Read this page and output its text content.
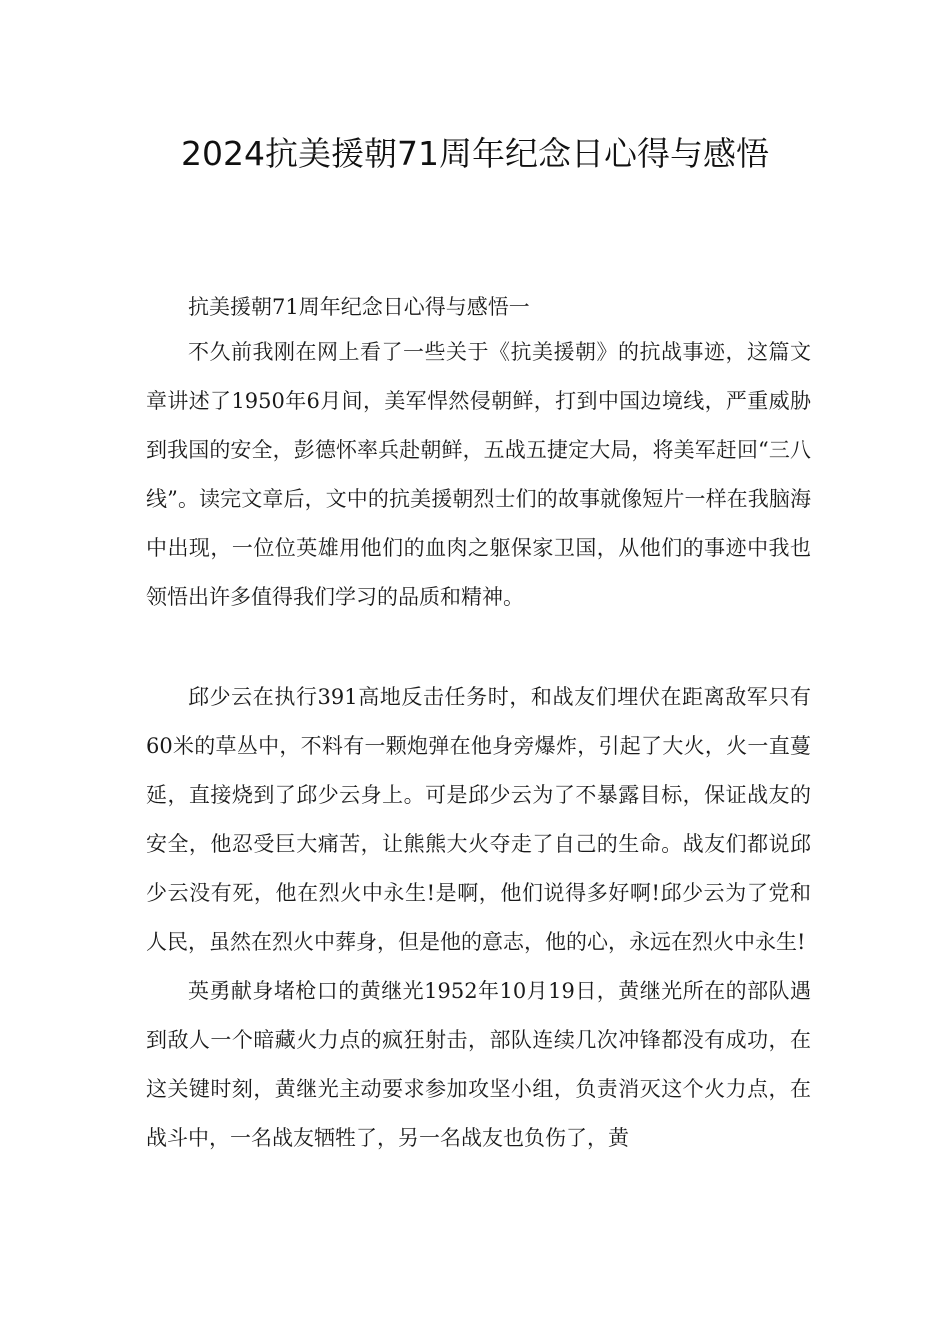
2024抗美援朝71周年纪念日心得与感悟

抗美援朝71周年纪念日心得与感悟一

不久前我刚在网上看了一些关于《抗美援朝》的抗战事迹，这篇文章讲述了1950年6月间，美军悍然侵朝鲜，打到中国边境线，严重威胁到我国的安全，彭德怀率兵赴朝鲜，五战五捷定大局，将美军赶回“三八线”。读完文章后，文中的抗美援朝烈士们的故事就像短片一样在我脑海中出现，一位位英雄用他们的血肉之躯保家卫国，从他们的事迹中我也领悟出许多值得我们学习的品质和精神。

邱少云在执行391高地反击任务时，和战友们埋伏在距离敌军只有60米的草丛中，不料有一颗炮弹在他身旁爆炸，引起了大火，火一直蔓延，直接烧到了邱少云身上。可是邱少云为了不暴露目标，保证战友的安全，他忍受巨大痛苦，让熊熊大火夺走了自己的生命。战友们都说邱少云没有死，他在烈火中永生!是啊，他们说得多好啊!邱少云为了党和人民，虽然在烈火中葬身，但是他的意志，他的心，永远在烈火中永生!

英勇献身堵枪口的黄继光1952年10月19日，黄继光所在的部队遇到敌人一个暗藏火力点的疯狂射击，部队连续几次冲锋都没有成功，在这关键时刻，黄继光主动要求参加攻坚小组，负责消灭这个火力点，在战斗中，一名战友牺牲了，另一名战友也负伤了，黄
